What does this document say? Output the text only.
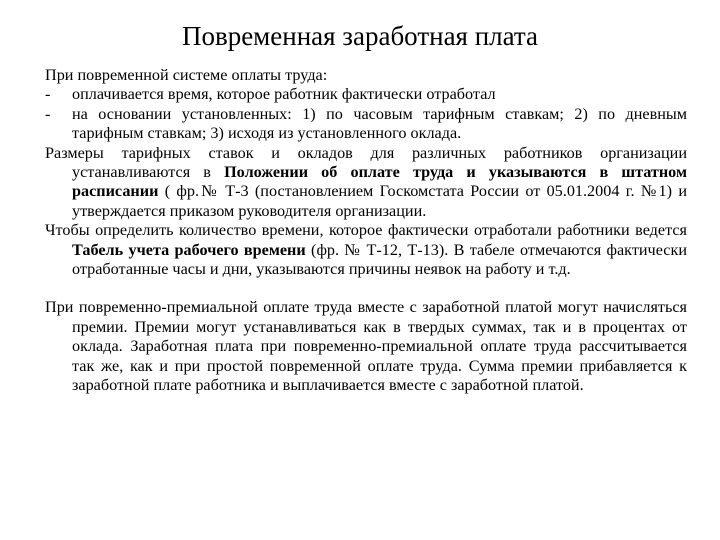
Повременная заработная плата

При повременной системе оплаты труда:

-	оплачивается время, которое работник фактически отработал

-	на основании установленных: 1) по часовым тарифным ставкам; 2) по дневным тарифным ставкам; 3) исходя из установленного оклада.

Размеры тарифных ставок и окладов для различных работников организации устанавливаются в Положении об оплате труда и указываются в штатном расписании ( фр.№ Т-3 (постановлением Госкомстата России от 05.01.2004 г. №1) и утверждается приказом руководителя организации.

Чтобы определить количество времени, которое фактически отработали работники ведется Табель учета рабочего времени (фр. № Т-12, Т-13). В табеле отмечаются фактически отработанные часы и дни, указываются причины неявок на работу и т.д.

При повременно-премиальной оплате труда вместе с заработной платой могут начисляться премии. Премии могут устанавливаться как в твердых суммах, так и в процентах от оклада. Заработная плата при повременно-премиальной оплате труда рассчитывается так же, как и при простой повременной оплате труда. Сумма премии прибавляется к заработной плате работника и выплачивается вместе с заработной платой.
